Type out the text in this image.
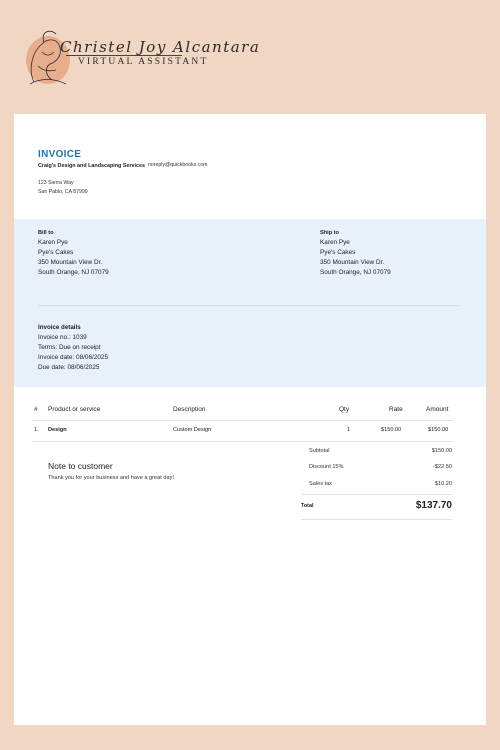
Christel Joy Alcantara
VIRTUAL ASSISTANT
INVOICE
Craig's Design and Landscaping Services
123 Sierra Way
San Pablo, CA 87999
noreply@quickbooks.com
Bill to
Karen Pye
Pye's Cakes
350 Mountain View Dr.
South Orange, NJ 07079
Ship to
Karen Pye
Pye's Cakes
350 Mountain View Dr.
South Orange, NJ 07079
Invoice details
Invoice no.: 1039
Terms: Due on receipt
Invoice date: 08/06/2025
Due date: 08/06/2025
# Product or service	Description	Qty	Rate	Amount
1. Design	Custom Design	1	$150.00	$150.00
Note to customer
Thank you for your business and have a great day!
Subtotal	$150.00
Discount 15%	-$22.50
Sales tax	$10.20
Total	$137.70
